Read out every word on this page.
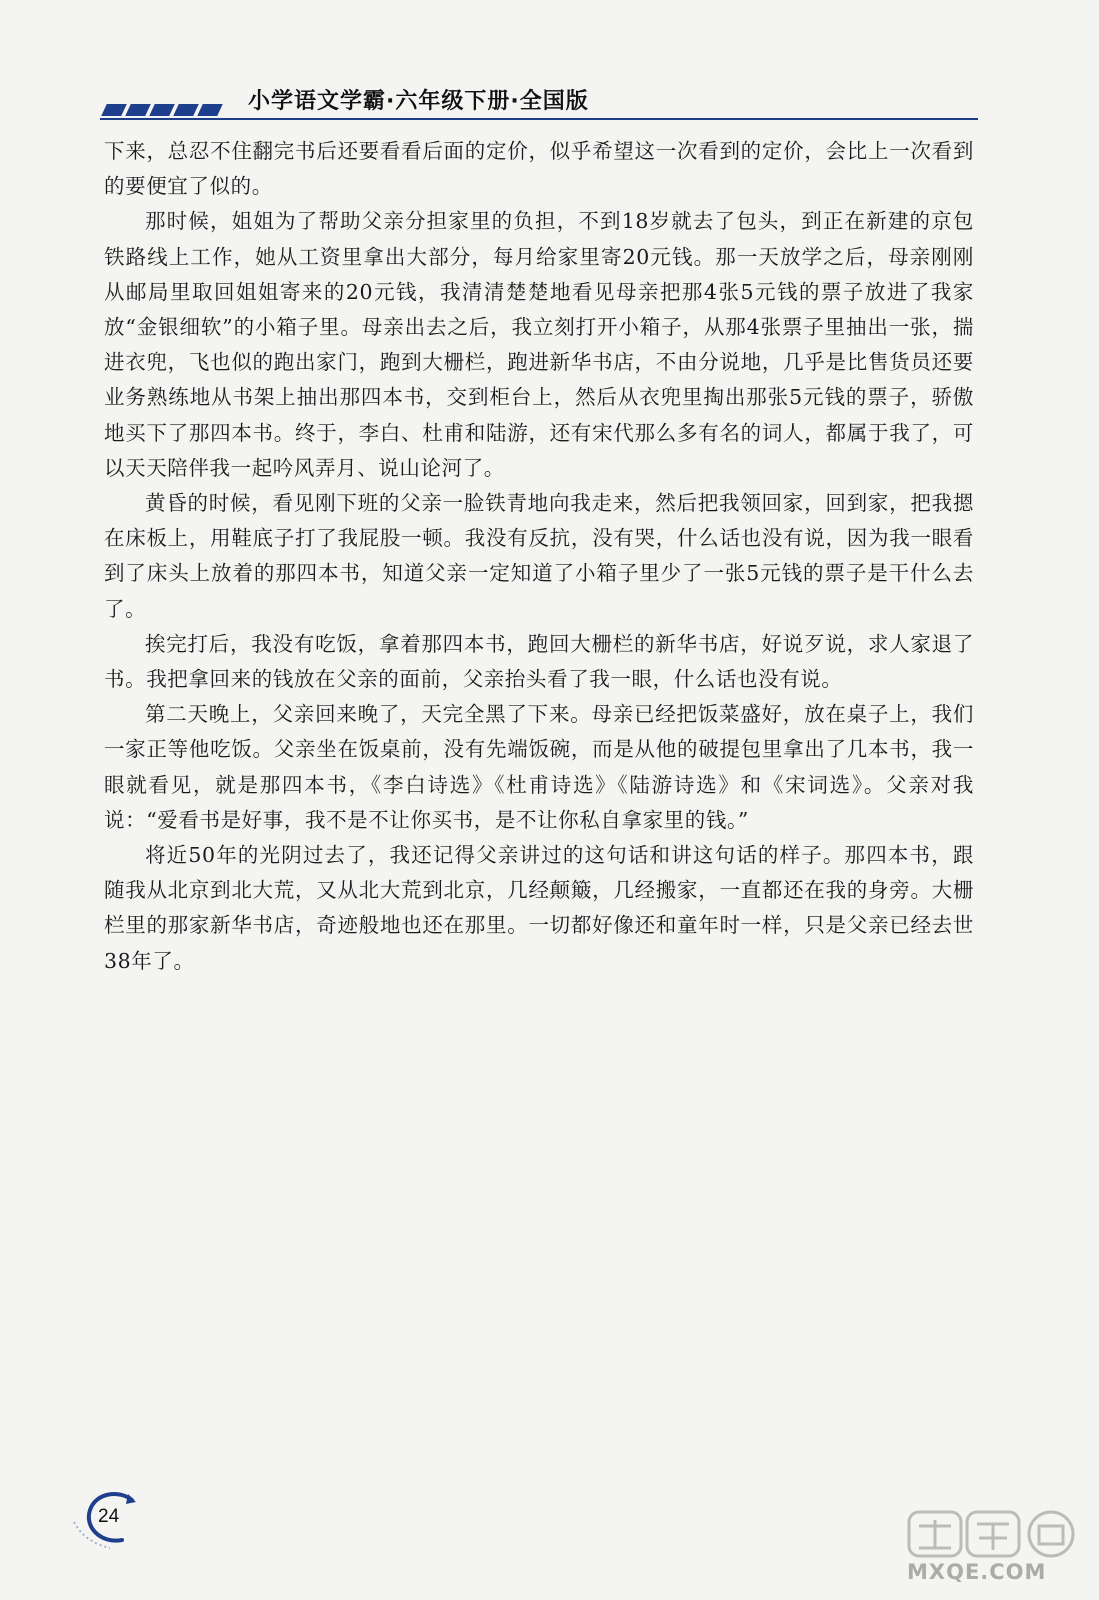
小学语文学霸·六年级下册·全国版

下来，总忍不住翻完书后还要看看后面的定价，似乎希望这一次看到的定价，会比上一次看到的要便宜了似的。

那时候，姐姐为了帮助父亲分担家里的负担，不到18岁就去了包头，到正在新建的京包铁路线上工作，她从工资里拿出大部分，每月给家里寄20元钱。那一天放学之后，母亲刚刚从邮局里取回姐姐寄来的20元钱，我清清楚楚地看见母亲把那4张5元钱的票子放进了我家放“金银细软”的小箱子里。母亲出去之后，我立刻打开小箱子，从那4张票子里抽出一张，揣进衣兜，飞也似的跑出家门，跑到大栅栏，跑进新华书店，不由分说地，几乎是比售货员还要业务熟练地从书架上抽出那四本书，交到柜台上，然后从衣兜里掏出那张5元钱的票子，骄傲地买下了那四本书。终于，李白、杜甫和陆游，还有宋代那么多有名的词人，都属于我了，可以天天陪伴我一起吟风弄月、说山论河了。

黄昏的时候，看见刚下班的父亲一脸铁青地向我走来，然后把我领回家，回到家，把我摁在床板上，用鞋底子打了我屁股一顿。我没有反抗，没有哭，什么话也没有说，因为我一眼看到了床头上放着的那四本书，知道父亲一定知道了小箱子里少了一张5元钱的票子是干什么去了。

挨完打后，我没有吃饭，拿着那四本书，跑回大栅栏的新华书店，好说歹说，求人家退了书。我把拿回来的钱放在父亲的面前，父亲抬头看了我一眼，什么话也没有说。

第二天晚上，父亲回来晚了，天完全黑了下来。母亲已经把饭菜盛好，放在桌子上，我们一家正等他吃饭。父亲坐在饭桌前，没有先端饭碗，而是从他的破提包里拿出了几本书，我一眼就看见，就是那四本书，《李白诗选》《杜甫诗选》《陆游诗选》和《宋词选》。父亲对我说：“爱看书是好事，我不是不让你买书，是不让你私自拿家里的钱。”

将近50年的光阴过去了，我还记得父亲讲过的这句话和讲这句话的样子。那四本书，跟随我从北京到北大荒，又从北大荒到北京，几经颠簸，几经搬家，一直都还在我的身旁。大栅栏里的那家新华书店，奇迹般地也还在那里。一切都好像还和童年时一样，只是父亲已经去世38年了。

24
MXQE.COM
